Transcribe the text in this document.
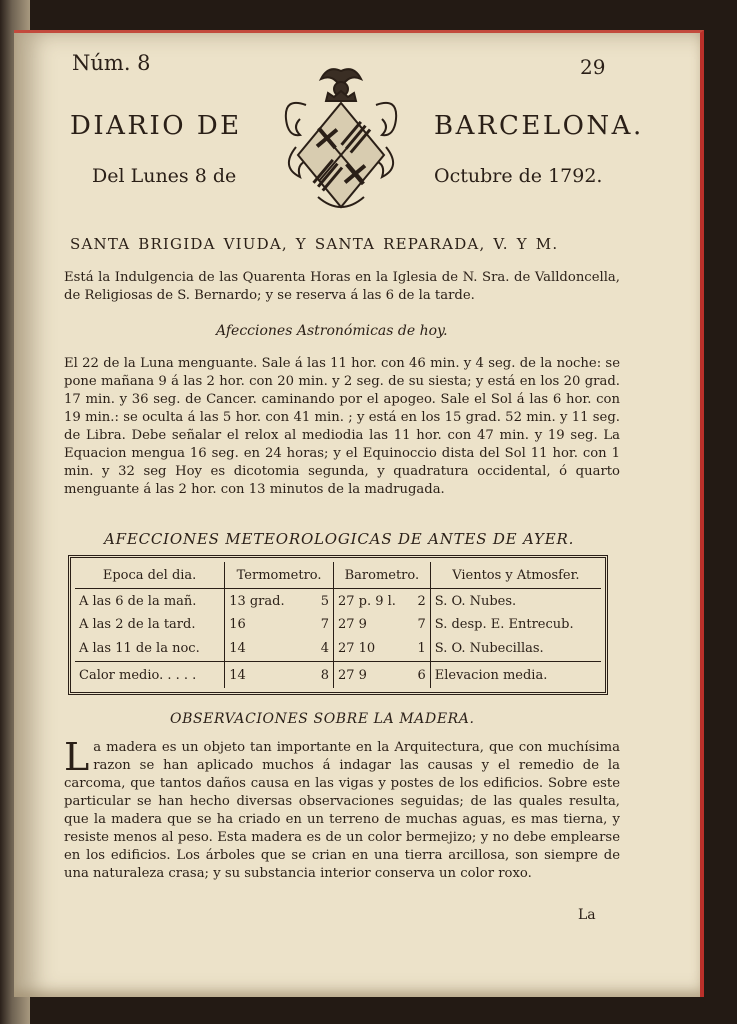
Núm. 8	29
DIARIO DE	BARCELONA.
Del Lunes 8 de	Octubre de 1792.
SANTA BRIGIDA VIUDA, Y SANTA REPARADA, V. Y M.

Está la Indulgencia de las Quarenta Horas en la Iglesia de N. Sra. de Valldoncella, de Religiosas de S. Bernardo; y se reserva á las 6 de la tarde.

Afecciones Astronómicas de hoy.

El 22 de la Luna menguante. Sale á las 11 hor. con 46 min. y 4 seg. de la noche: se pone mañana 9 á las 2 hor. con 20 min. y 2 seg. de su siesta; y está en los 20 grad. 17 min. y 36 seg. de Cancer. caminando por el apogeo. Sale el Sol á las 6 hor. con 19 min.: se oculta á las 5 hor. con 41 min. ; y está en los 15 grad. 52 min. y 11 seg. de Libra. Debe señalar el relox al mediodia las 11 hor. con 47 min. y 19 seg. La Equacion mengua 16 seg. en 24 horas; y el Equinoccio dista del Sol 11 hor. con 1 min. y 32 seg Hoy es dicotomia segunda, y quadratura occidental, ó quarto menguante á las 2 hor. con 13 minutos de la madrugada.

AFECCIONES METEOROLOGICAS DE ANTES DE AYER.
Epoca del dia.	Termometro.		Barometro.		Vientos y Atmosfer.
A las 6 de la mañ.	13 grad.	5	27 p. 9 l.	2	S. O. Nubes.
A las 2 de la tard.	16	7	27 9	7	S. desp. E. Entrecub.
A las 11 de la noc.	14	4	27 10	1	S. O. Nubecillas.
Calor medio. . . . .	14	8	27 9	6	Elevacion media.
OBSERVACIONES SOBRE LA MADERA.
L a madera es un objeto tan importante en la Arquitectura, que con muchísima razon se han aplicado muchos á indagar las causas y el remedio de la carcoma, que tantos daños causa en las vigas y postes de los edificios. Sobre este particular se han hecho diversas observaciones seguidas; de las quales resulta, que la madera que se ha criado en un terreno de muchas aguas, es mas tierna, y resiste menos al peso. Esta madera es de un color bermejizo; y no debe emplearse en los edificios. Los árboles que se crian en una tierra arcillosa, son siempre de una naturaleza crasa; y su substancia interior conserva un color roxo.
La
